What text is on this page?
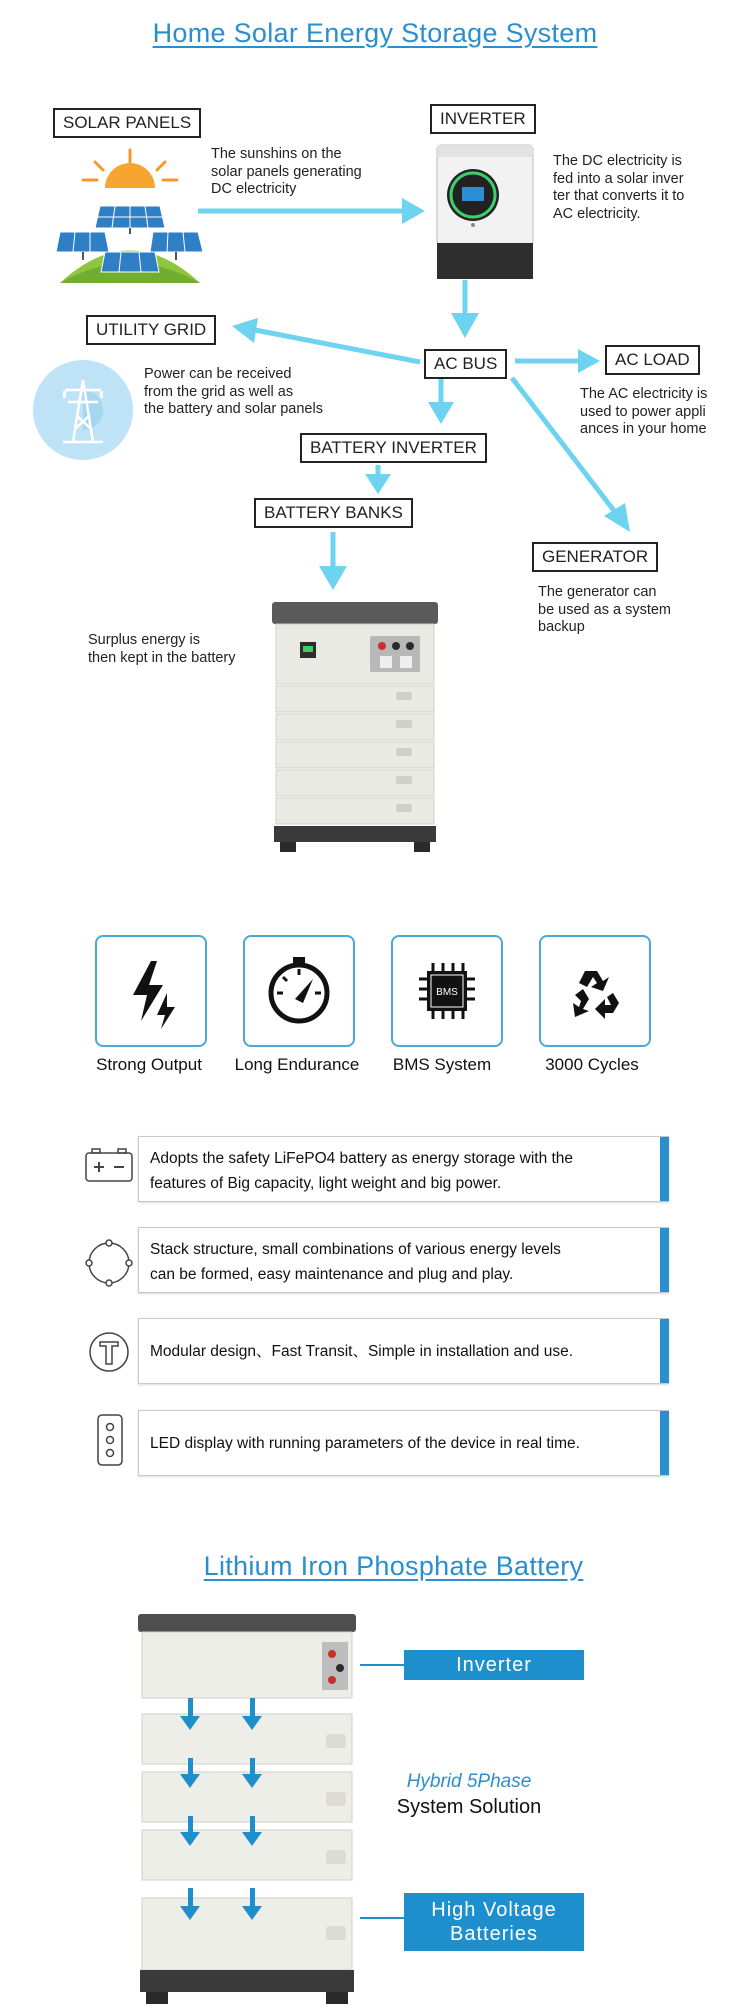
Home Solar Energy Storage System
SOLAR PANELS	INVERTER
UTILITY GRID
AC BUS	AC LOAD
BATTERY INVERTER
BATTERY BANKS
GENERATOR
The sunshins on the
solar panels generating
DC electricity
The DC electricity is
fed into a solar inver
ter that converts it to
AC electricity.
Power can be received
from the grid as well as
the battery and solar panels
The AC electricity is
used to power appli
ances in your home
Surplus energy is
then kept in the battery
The generator can
be used as a system
backup
BMS
Strong Output	Long Endurance	BMS System	3000 Cycles
Adopts the safety LiFePO4 battery as energy storage with the
features of Big capacity, light weight and big power.
Stack structure, small combinations of various energy levels
can be formed, easy maintenance and plug and play.
Modular design、Fast Transit、Simple in installation and use.
LED display with running parameters of the device in real time.
Lithium Iron Phosphate Battery
Inverter
Hybrid 5Phase
System Solution
High Voltage
Batteries
